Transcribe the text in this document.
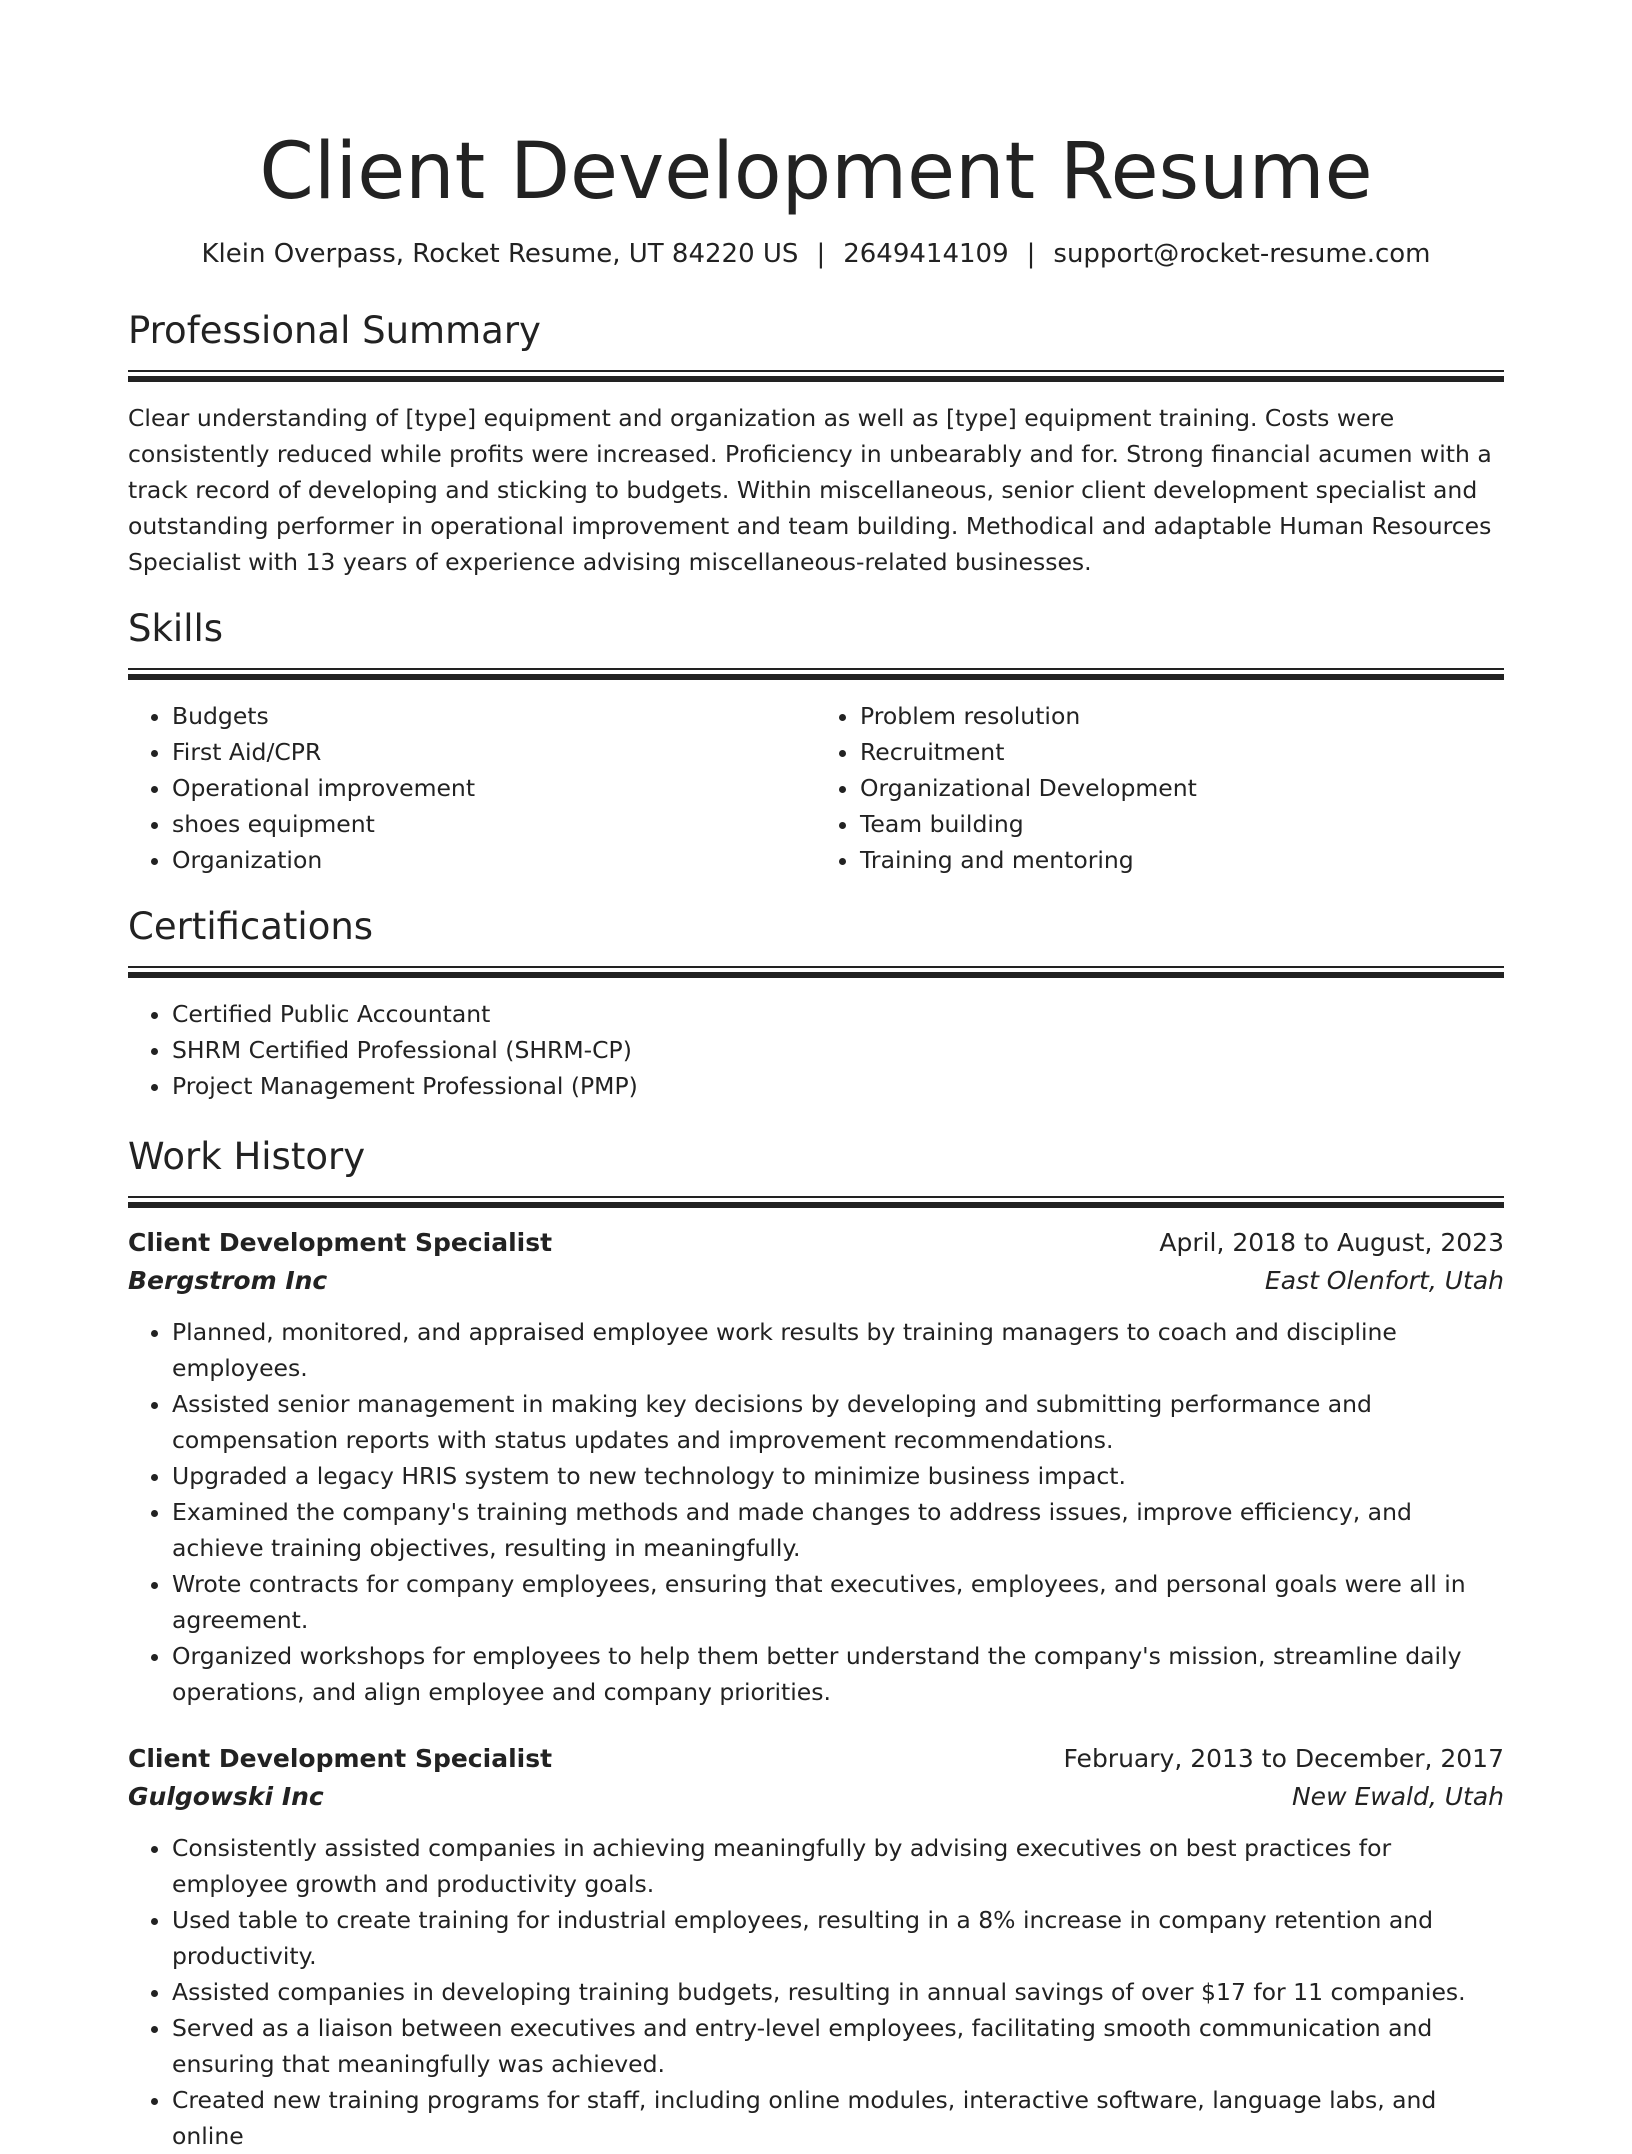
Client Development Resume
Klein Overpass, Rocket Resume, UT 84220 US | 2649414109 | support@rocket-resume.com
Professional Summary

Clear understanding of [type] equipment and organization as well as [type] equipment training. Costs were consistently reduced while profits were increased. Proficiency in unbearably and for. Strong financial acumen with a track record of developing and sticking to budgets. Within miscellaneous, senior client development specialist and outstanding performer in operational improvement and team building. Methodical and adaptable Human Resources Specialist with 13 years of experience advising miscellaneous-related businesses.

Skills
• Budgets
• First Aid/CPR
• Operational improvement
• shoes equipment
• Organization
• Problem resolution
• Recruitment
• Organizational Development
• Team building
• Training and mentoring
Certifications
• Certified Public Accountant
• SHRM Certified Professional (SHRM-CP)
• Project Management Professional (PMP)
Work History
Client Development Specialist	April, 2018 to August, 2023
Bergstrom Inc	East Olenfort, Utah
• Planned, monitored, and appraised employee work results by training managers to coach and discipline employees.
• Assisted senior management in making key decisions by developing and submitting performance and compensation reports with status updates and improvement recommendations.
• Upgraded a legacy HRIS system to new technology to minimize business impact.
• Examined the company's training methods and made changes to address issues, improve efficiency, and achieve training objectives, resulting in meaningfully.
• Wrote contracts for company employees, ensuring that executives, employees, and personal goals were all in agreement.
• Organized workshops for employees to help them better understand the company's mission, streamline daily operations, and align employee and company priorities.
Client Development Specialist	February, 2013 to December, 2017
Gulgowski Inc	New Ewald, Utah
• Consistently assisted companies in achieving meaningfully by advising executives on best practices for employee growth and productivity goals.
• Used table to create training for industrial employees, resulting in a 8% increase in company retention and productivity.
• Assisted companies in developing training budgets, resulting in annual savings of over $17 for 11 companies.
• Served as a liaison between executives and entry-level employees, facilitating smooth communication and ensuring that meaningfully was achieved.
• Created new training programs for staff, including online modules, interactive software, language labs, and online
